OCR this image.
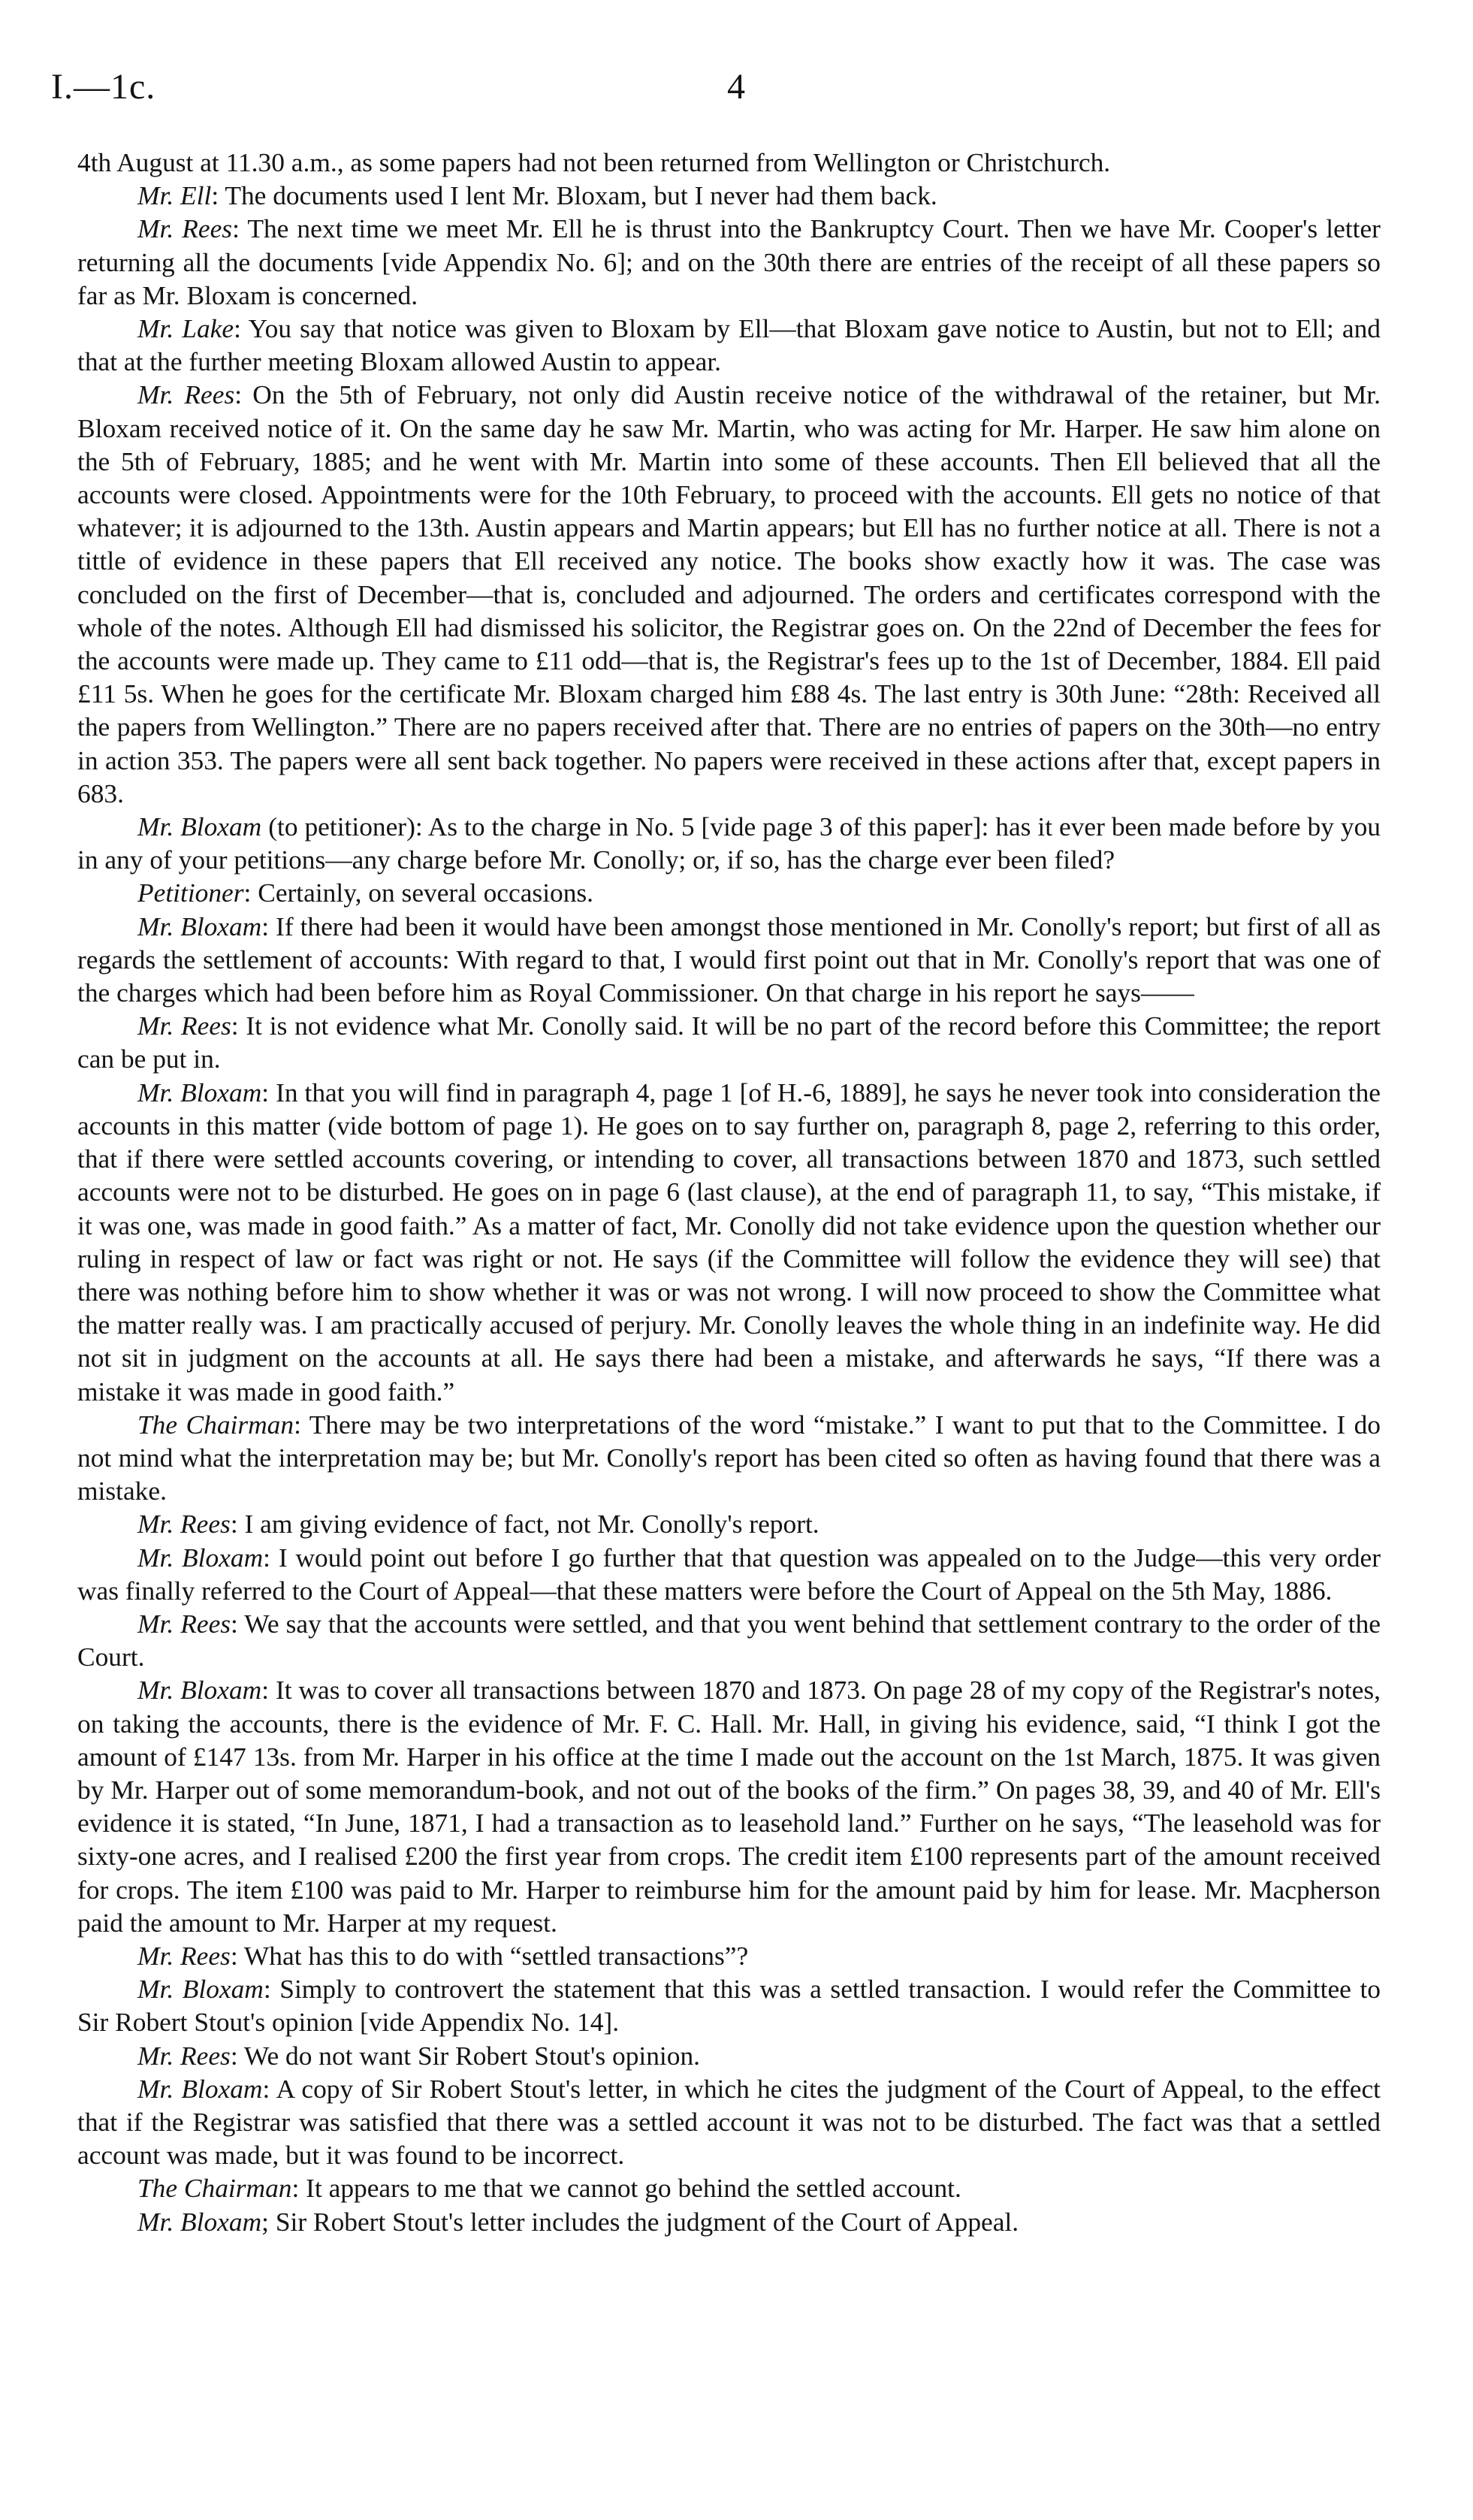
I.—1c.	4

4th August at 11.30 a.m., as some papers had not been returned from Wellington or Christchurch.

Mr. Ell: The documents used I lent Mr. Bloxam, but I never had them back.

Mr. Rees: The next time we meet Mr. Ell he is thrust into the Bankruptcy Court. Then we have Mr. Cooper's letter returning all the documents [vide Appendix No. 6]; and on the 30th there are entries of the receipt of all these papers so far as Mr. Bloxam is concerned.

Mr. Lake: You say that notice was given to Bloxam by Ell—that Bloxam gave notice to Austin, but not to Ell; and that at the further meeting Bloxam allowed Austin to appear.

Mr. Rees: On the 5th of February, not only did Austin receive notice of the withdrawal of the retainer, but Mr. Bloxam received notice of it. On the same day he saw Mr. Martin, who was acting for Mr. Harper. He saw him alone on the 5th of February, 1885; and he went with Mr. Martin into some of these accounts. Then Ell believed that all the accounts were closed. Appointments were for the 10th February, to proceed with the accounts. Ell gets no notice of that whatever; it is adjourned to the 13th. Austin appears and Martin appears; but Ell has no further notice at all. There is not a tittle of evidence in these papers that Ell received any notice. The books show exactly how it was. The case was concluded on the first of December—that is, concluded and adjourned. The orders and certificates correspond with the whole of the notes. Although Ell had dismissed his solicitor, the Registrar goes on. On the 22nd of December the fees for the accounts were made up. They came to £11 odd—that is, the Registrar's fees up to the 1st of December, 1884. Ell paid £11 5s. When he goes for the certificate Mr. Bloxam charged him £88 4s. The last entry is 30th June: “28th: Received all the papers from Wellington.” There are no papers received after that. There are no entries of papers on the 30th—no entry in action 353. The papers were all sent back together. No papers were received in these actions after that, except papers in 683.

Mr. Bloxam (to petitioner): As to the charge in No. 5 [vide page 3 of this paper]: has it ever been made before by you in any of your petitions—any charge before Mr. Conolly; or, if so, has the charge ever been filed?

Petitioner: Certainly, on several occasions.

Mr. Bloxam: If there had been it would have been amongst those mentioned in Mr. Conolly's report; but first of all as regards the settlement of accounts: With regard to that, I would first point out that in Mr. Conolly's report that was one of the charges which had been before him as Royal Commissioner. On that charge in his report he says——

Mr. Rees: It is not evidence what Mr. Conolly said. It will be no part of the record before this Committee; the report can be put in.

Mr. Bloxam: In that you will find in paragraph 4, page 1 [of H.-6, 1889], he says he never took into consideration the accounts in this matter (vide bottom of page 1). He goes on to say further on, paragraph 8, page 2, referring to this order, that if there were settled accounts covering, or intending to cover, all transactions between 1870 and 1873, such settled accounts were not to be disturbed. He goes on in page 6 (last clause), at the end of paragraph 11, to say, “This mistake, if it was one, was made in good faith.” As a matter of fact, Mr. Conolly did not take evidence upon the question whether our ruling in respect of law or fact was right or not. He says (if the Committee will follow the evidence they will see) that there was nothing before him to show whether it was or was not wrong. I will now proceed to show the Committee what the matter really was. I am practically accused of perjury. Mr. Conolly leaves the whole thing in an indefinite way. He did not sit in judgment on the accounts at all. He says there had been a mistake, and afterwards he says, “If there was a mistake it was made in good faith.”

The Chairman: There may be two interpretations of the word “mistake.” I want to put that to the Committee. I do not mind what the interpretation may be; but Mr. Conolly's report has been cited so often as having found that there was a mistake.

Mr. Rees: I am giving evidence of fact, not Mr. Conolly's report.

Mr. Bloxam: I would point out before I go further that that question was appealed on to the Judge—this very order was finally referred to the Court of Appeal—that these matters were before the Court of Appeal on the 5th May, 1886.

Mr. Rees: We say that the accounts were settled, and that you went behind that settlement contrary to the order of the Court.

Mr. Bloxam: It was to cover all transactions between 1870 and 1873. On page 28 of my copy of the Registrar's notes, on taking the accounts, there is the evidence of Mr. F. C. Hall. Mr. Hall, in giving his evidence, said, “I think I got the amount of £147 13s. from Mr. Harper in his office at the time I made out the account on the 1st March, 1875. It was given by Mr. Harper out of some memorandum-book, and not out of the books of the firm.” On pages 38, 39, and 40 of Mr. Ell's evidence it is stated, “In June, 1871, I had a transaction as to leasehold land.” Further on he says, “The leasehold was for sixty-one acres, and I realised £200 the first year from crops. The credit item £100 represents part of the amount received for crops. The item £100 was paid to Mr. Harper to reimburse him for the amount paid by him for lease. Mr. Macpherson paid the amount to Mr. Harper at my request.

Mr. Rees: What has this to do with “settled transactions”?

Mr. Bloxam: Simply to controvert the statement that this was a settled transaction. I would refer the Committee to Sir Robert Stout's opinion [vide Appendix No. 14].

Mr. Rees: We do not want Sir Robert Stout's opinion.

Mr. Bloxam: A copy of Sir Robert Stout's letter, in which he cites the judgment of the Court of Appeal, to the effect that if the Registrar was satisfied that there was a settled account it was not to be disturbed. The fact was that a settled account was made, but it was found to be incorrect.

The Chairman: It appears to me that we cannot go behind the settled account.

Mr. Bloxam; Sir Robert Stout's letter includes the judgment of the Court of Appeal.
